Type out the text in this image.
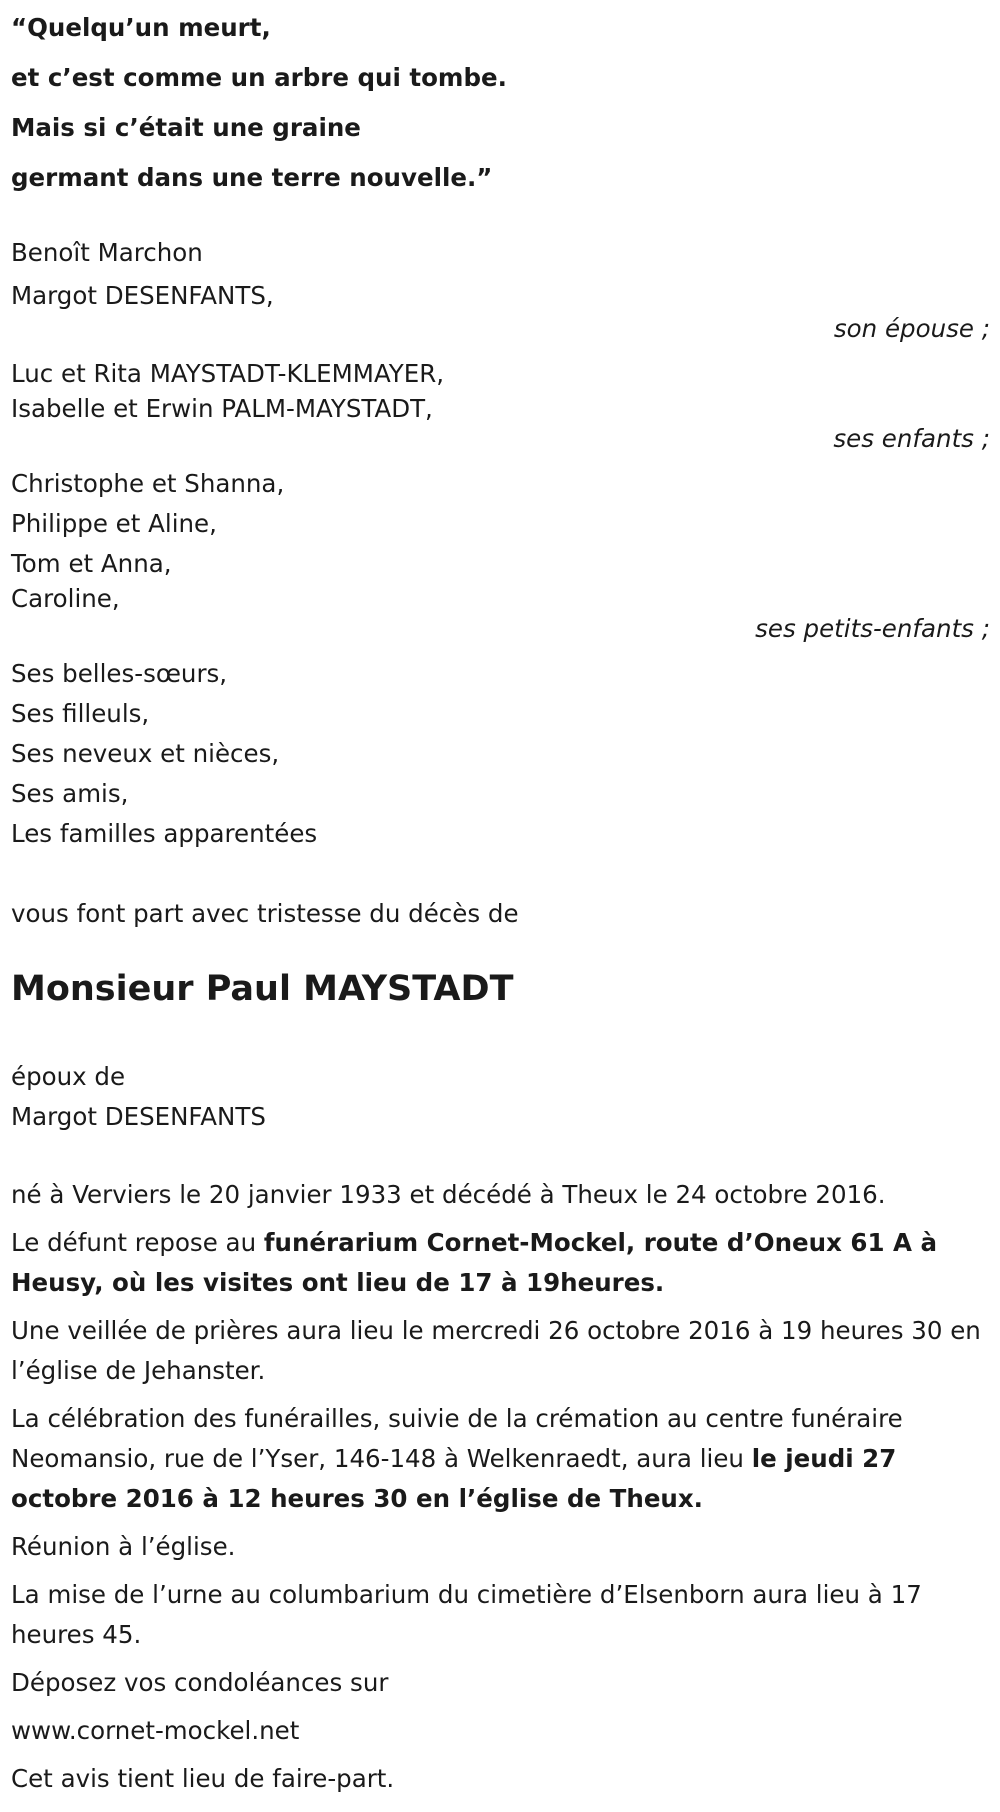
“Quelqu’un meurt,
et c’est comme un arbre qui tombe.
Mais si c’était une graine
germant dans une terre nouvelle.”
Benoît Marchon
Margot DESENFANTS,
son épouse ;
Luc et Rita MAYSTADT-KLEMMAYER,
Isabelle et Erwin PALM-MAYSTADT,
ses enfants ;
Christophe et Shanna,
Philippe et Aline,
Tom et Anna,
Caroline,
ses petits-enfants ;
Ses belles-sœurs,
Ses filleuls,
Ses neveux et nièces,
Ses amis,
Les familles apparentées
vous font part avec tristesse du décès de
Monsieur Paul MAYSTADT
époux de
Margot DESENFANTS

né à Verviers le 20 janvier 1933 et décédé à Theux le 24 octobre 2016.

Le défunt repose au funérarium Cornet-Mockel, route d’Oneux 61 A à Heusy, où les visites ont lieu de 17 à 19heures.

Une veillée de prières aura lieu le mercredi 26 octobre 2016 à 19 heures 30 en l’église de Jehanster.

La célébration des funérailles, suivie de la crémation au centre funéraire Neomansio, rue de l’Yser, 146-148 à Welkenraedt, aura lieu le jeudi 27 octobre 2016 à 12 heures 30 en l’église de Theux.

Réunion à l’église.

La mise de l’urne au columbarium du cimetière d’Elsenborn aura lieu à 17 heures 45.

Déposez vos condoléances sur

www.cornet-mockel.net

Cet avis tient lieu de faire-part.
